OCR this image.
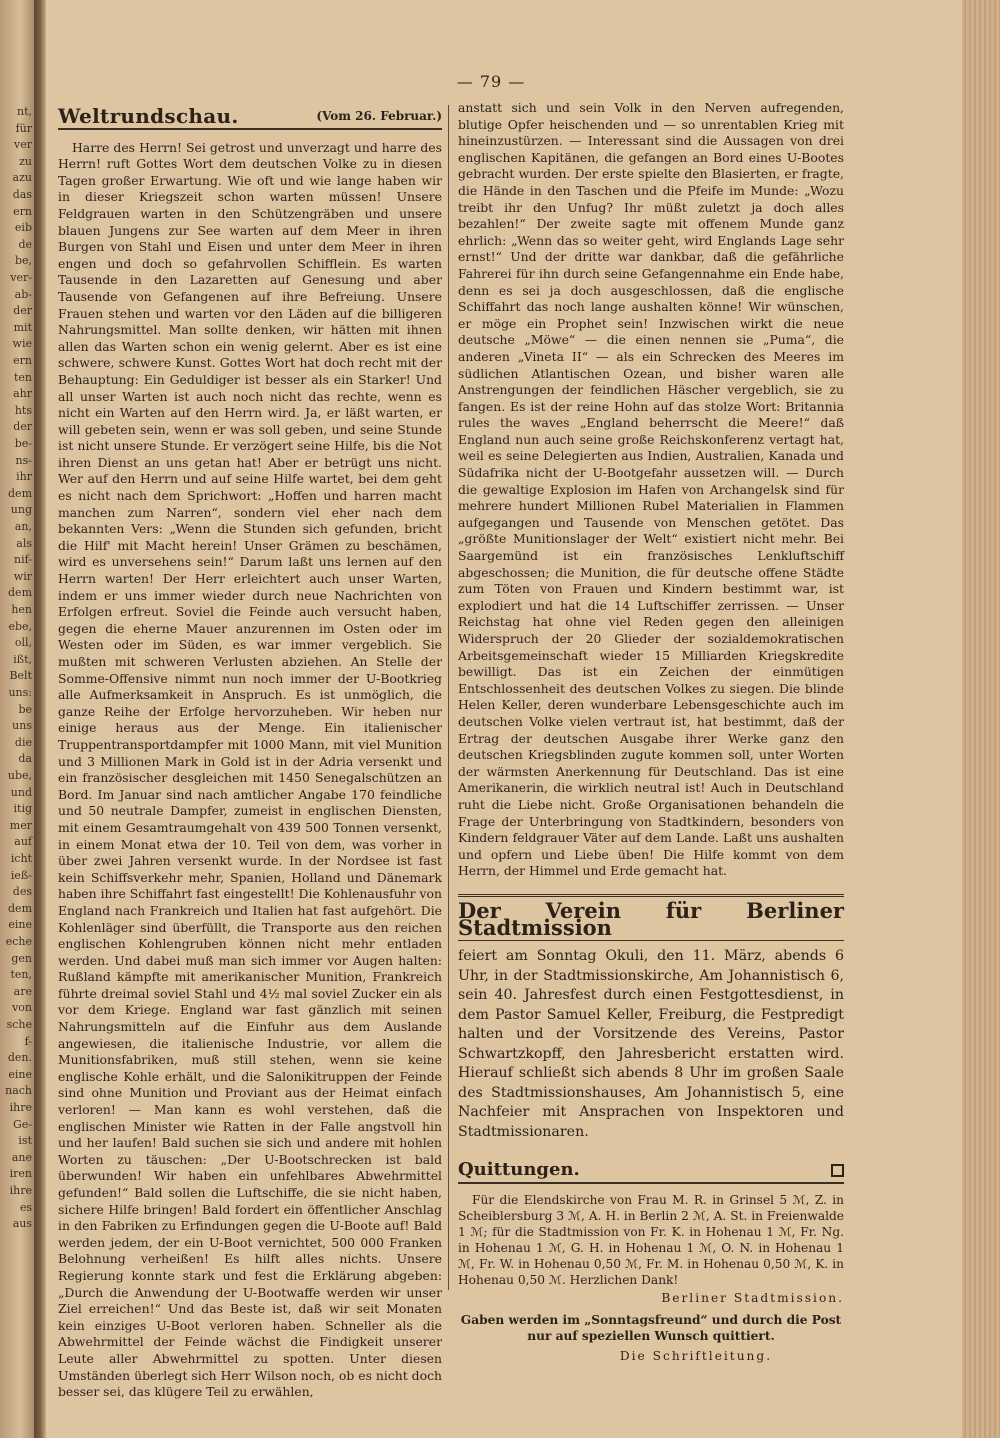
nt,
für
ver
zu
azu
das
ern
eib
de
be,
ver-
ab-
der
mit
wie
ern
ten
ahr
hts
der
be-
ns-
ihr
dem
ung
an,
als
nif-
wir
dem
hen
ebe,
oll,
ißt,
Belt
uns:
be
uns
die
da
ube,
und
itig
mer
auf
icht
ieß-
des
dem
eine
eche
gen
ten,
are
von
sche
f-
den.
eine
nach
ihre
Ge-
ist
ane
iren
ihre
es
aus
— 79 —
Weltrundschau.	(Vom 26. Februar.)

Harre des Herrn! Sei getrost und unverzagt und harre des Herrn! ruft Gottes Wort dem deutschen Volke zu in diesen Tagen großer Erwartung. Wie oft und wie lange haben wir in dieser Kriegszeit schon warten müssen! Unsere Feldgrauen warten in den Schützengräben und unsere blauen Jungens zur See warten auf dem Meer in ihren Burgen von Stahl und Eisen und unter dem Meer in ihren engen und doch so gefahrvollen Schifflein. Es warten Tausende in den Lazaretten auf Genesung und aber Tausende von Gefangenen auf ihre Befreiung. Unsere Frauen stehen und warten vor den Läden auf die billigeren Nahrungsmittel. Man sollte denken, wir hätten mit ihnen allen das Warten schon ein wenig gelernt. Aber es ist eine schwere, schwere Kunst. Gottes Wort hat doch recht mit der Behauptung: Ein Geduldiger ist besser als ein Starker! Und all unser Warten ist auch noch nicht das rechte, wenn es nicht ein Warten auf den Herrn wird. Ja, er läßt warten, er will gebeten sein, wenn er was soll geben, und seine Stunde ist nicht unsere Stunde. Er verzögert seine Hilfe, bis die Not ihren Dienst an uns getan hat! Aber er betrügt uns nicht. Wer auf den Herrn und auf seine Hilfe wartet, bei dem geht es nicht nach dem Sprichwort: „Hoffen und harren macht manchen zum Narren“, sondern viel eher nach dem bekannten Vers: „Wenn die Stunden sich gefunden, bricht die Hilf' mit Macht herein! Unser Grämen zu beschämen, wird es unversehens sein!“ Darum laßt uns lernen auf den Herrn warten! Der Herr erleichtert auch unser Warten, indem er uns immer wieder durch neue Nachrichten von Erfolgen erfreut. Soviel die Feinde auch versucht haben, gegen die eherne Mauer anzurennen im Osten oder im Westen oder im Süden, es war immer vergeblich. Sie mußten mit schweren Verlusten abziehen. An Stelle der Somme-Offensive nimmt nun noch immer der U-Bootkrieg alle Aufmerksamkeit in Anspruch. Es ist unmöglich, die ganze Reihe der Erfolge hervorzuheben. Wir heben nur einige heraus aus der Menge. Ein italienischer Truppentransportdampfer mit 1000 Mann, mit viel Munition und 3 Millionen Mark in Gold ist in der Adria versenkt und ein französischer desgleichen mit 1450 Senegalschützen an Bord. Im Januar sind nach amtlicher Angabe 170 feindliche und 50 neutrale Dampfer, zumeist in englischen Diensten, mit einem Gesamtraumgehalt von 439 500 Tonnen versenkt, in einem Monat etwa der 10. Teil von dem, was vorher in über zwei Jahren versenkt wurde. In der Nordsee ist fast kein Schiffsverkehr mehr, Spanien, Holland und Dänemark haben ihre Schiffahrt fast eingestellt! Die Kohlenausfuhr von England nach Frankreich und Italien hat fast aufgehört. Die Kohlenläger sind überfüllt, die Transporte aus den reichen englischen Kohlengruben können nicht mehr entladen werden. Und dabei muß man sich immer vor Augen halten: Rußland kämpfte mit amerikanischer Munition, Frankreich führte dreimal soviel Stahl und 4½ mal soviel Zucker ein als vor dem Kriege. England war fast gänzlich mit seinen Nahrungsmitteln auf die Einfuhr aus dem Auslande angewiesen, die italienische Industrie, vor allem die Munitionsfabriken, muß still stehen, wenn sie keine englische Kohle erhält, und die Salonikitruppen der Feinde sind ohne Munition und Proviant aus der Heimat einfach verloren! — Man kann es wohl verstehen, daß die englischen Minister wie Ratten in der Falle angstvoll hin und her laufen! Bald suchen sie sich und andere mit hohlen Worten zu täuschen: „Der U-Bootschrecken ist bald überwunden! Wir haben ein unfehlbares Abwehrmittel gefunden!“ Bald sollen die Luftschiffe, die sie nicht haben, sichere Hilfe bringen! Bald fordert ein öffentlicher Anschlag in den Fabriken zu Erfindungen gegen die U-Boote auf! Bald werden jedem, der ein U-Boot vernichtet, 500 000 Franken Belohnung verheißen! Es hilft alles nichts. Unsere Regierung konnte stark und fest die Erklärung abgeben: „Durch die Anwendung der U-Bootwaffe werden wir unser Ziel erreichen!“ Und das Beste ist, daß wir seit Monaten kein einziges U-Boot verloren haben. Schneller als die Abwehrmittel der Feinde wächst die Findigkeit unserer Leute aller Abwehrmittel zu spotten. Unter diesen Umständen überlegt sich Herr Wilson noch, ob es nicht doch besser sei, das klügere Teil zu erwählen,

anstatt sich und sein Volk in den Nerven aufregenden, blutige Opfer heischenden und — so unrentablen Krieg mit hineinzustürzen. — Interessant sind die Aussagen von drei englischen Kapitänen, die gefangen an Bord eines U-Bootes gebracht wurden. Der erste spielte den Blasierten, er fragte, die Hände in den Taschen und die Pfeife im Munde: „Wozu treibt ihr den Unfug? Ihr müßt zuletzt ja doch alles bezahlen!“ Der zweite sagte mit offenem Munde ganz ehrlich: „Wenn das so weiter geht, wird Englands Lage sehr ernst!“ Und der dritte war dankbar, daß die gefährliche Fahrerei für ihn durch seine Gefangennahme ein Ende habe, denn es sei ja doch ausgeschlossen, daß die englische Schiffahrt das noch lange aushalten könne! Wir wünschen, er möge ein Prophet sein! Inzwischen wirkt die neue deutsche „Möwe“ — die einen nennen sie „Puma“, die anderen „Vineta II“ — als ein Schrecken des Meeres im südlichen Atlantischen Ozean, und bisher waren alle Anstrengungen der feindlichen Häscher vergeblich, sie zu fangen. Es ist der reine Hohn auf das stolze Wort: Britannia rules the waves „England beherrscht die Meere!“ daß England nun auch seine große Reichskonferenz vertagt hat, weil es seine Delegierten aus Indien, Australien, Kanada und Südafrika nicht der U-Bootgefahr aussetzen will. — Durch die gewaltige Explosion im Hafen von Archangelsk sind für mehrere hundert Millionen Rubel Materialien in Flammen aufgegangen und Tausende von Menschen getötet. Das „größte Munitionslager der Welt“ existiert nicht mehr. Bei Saargemünd ist ein französisches Lenkluftschiff abgeschossen; die Munition, die für deutsche offene Städte zum Töten von Frauen und Kindern bestimmt war, ist explodiert und hat die 14 Luftschiffer zerrissen. — Unser Reichstag hat ohne viel Reden gegen den alleinigen Widerspruch der 20 Glieder der sozialdemokratischen Arbeitsgemeinschaft wieder 15 Milliarden Kriegskredite bewilligt. Das ist ein Zeichen der einmütigen Entschlossenheit des deutschen Volkes zu siegen. Die blinde Helen Keller, deren wunderbare Lebensgeschichte auch im deutschen Volke vielen vertraut ist, hat bestimmt, daß der Ertrag der deutschen Ausgabe ihrer Werke ganz den deutschen Kriegsblinden zugute kommen soll, unter Worten der wärmsten Anerkennung für Deutschland. Das ist eine Amerikanerin, die wirklich neutral ist! Auch in Deutschland ruht die Liebe nicht. Große Organisationen behandeln die Frage der Unterbringung von Stadtkindern, besonders von Kindern feldgrauer Väter auf dem Lande. Laßt uns aushalten und opfern und Liebe üben! Die Hilfe kommt von dem Herrn, der Himmel und Erde gemacht hat.

Der Verein für Berliner Stadtmission
feiert am Sonntag Okuli, den 11. März, abends 6 Uhr, in der Stadtmissionskirche, Am Johannistisch 6, sein 40. Jahresfest durch einen Festgottesdienst, in dem Pastor Samuel Keller, Freiburg, die Festpredigt halten und der Vorsitzende des Vereins, Pastor Schwartzkopff, den Jahresbericht erstatten wird. Hierauf schließt sich abends 8 Uhr im großen Saale des Stadtmissionshauses, Am Johannistisch 5, eine Nachfeier mit Ansprachen von Inspektoren und Stadtmissionaren.
Quittungen.

Für die Elendskirche von Frau M. R. in Grinsel 5 ℳ, Z. in Scheiblersburg 3 ℳ, A. H. in Berlin 2 ℳ, A. St. in Freienwalde 1 ℳ; für die Stadtmission von Fr. K. in Hohenau 1 ℳ, Fr. Ng. in Hohenau 1 ℳ, G. H. in Hohenau 1 ℳ, O. N. in Hohenau 1 ℳ, Fr. W. in Hohenau 0,50 ℳ, Fr. M. in Hohenau 0,50 ℳ, K. in Hohenau 0,50 ℳ. Herzlichen Dank!

Berliner Stadtmission.
Gaben werden im „Sonntagsfreund“ und durch die Post nur auf speziellen Wunsch quittiert.
Die Schriftleitung.
